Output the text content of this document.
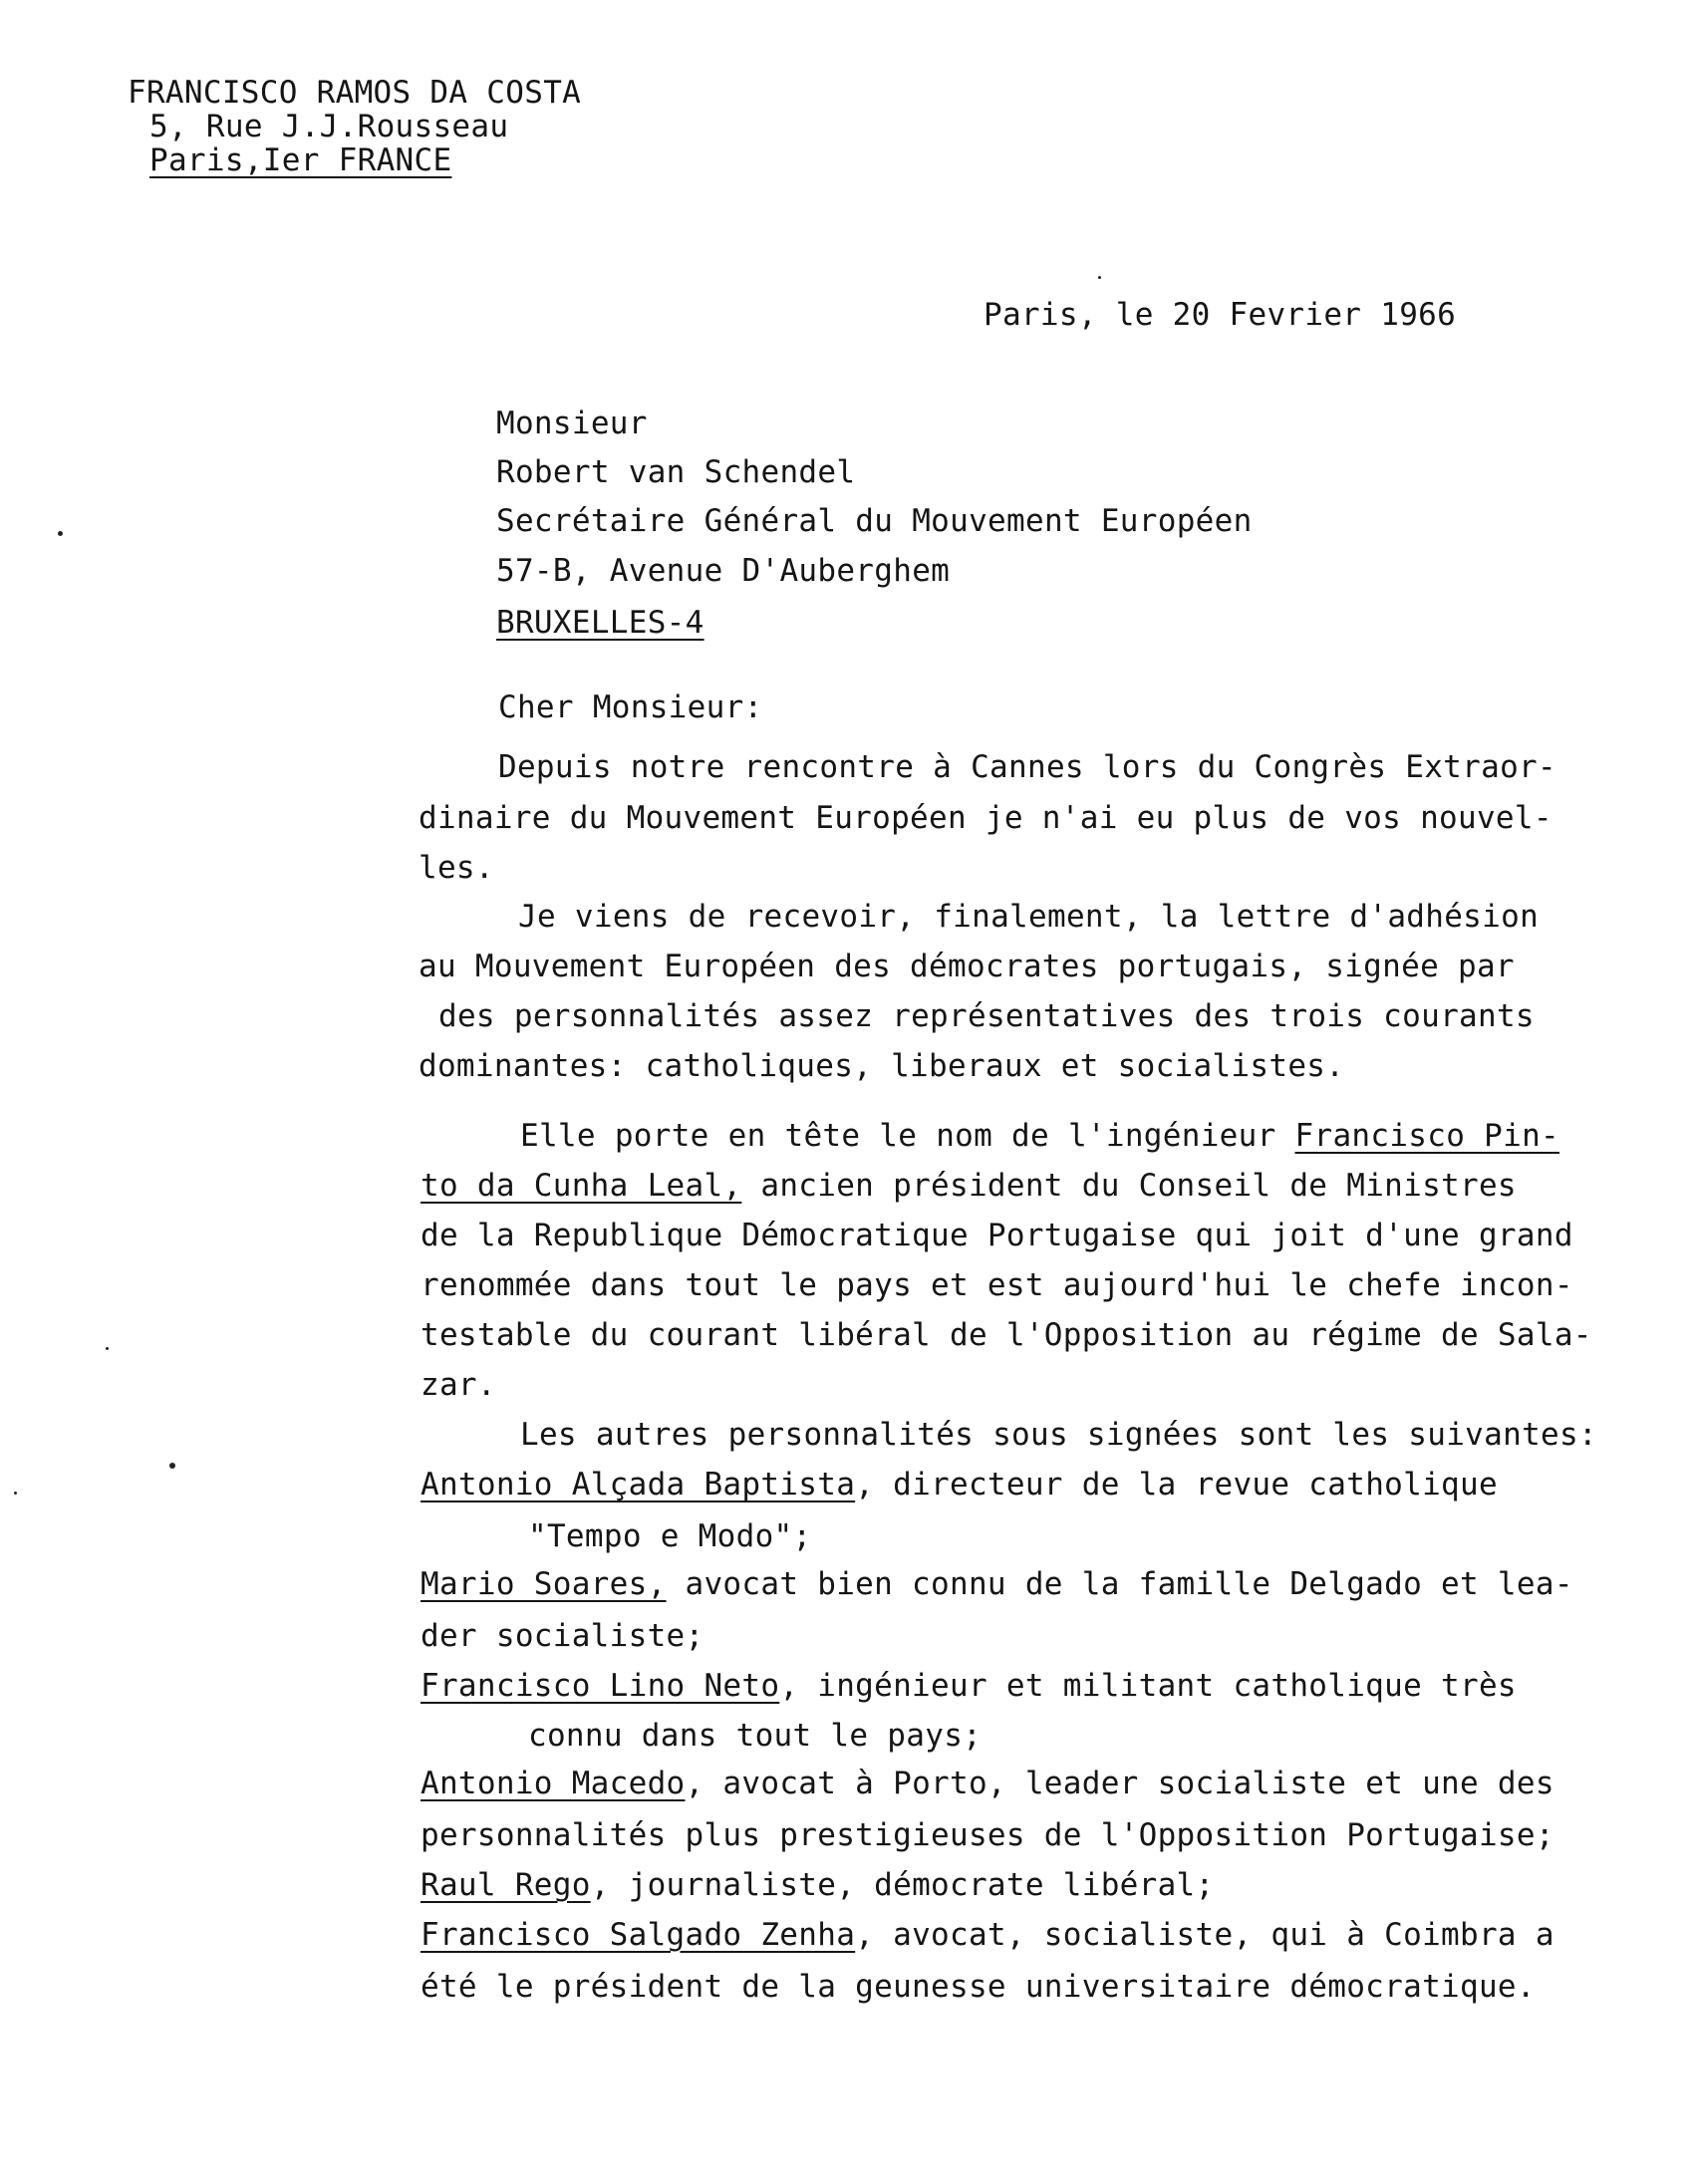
FRANCISCO RAMOS DA COSTA
5, Rue J.J.Rousseau
Paris,Ier FRANCE
Paris, le 20 Fevrier 1966
Monsieur
Robert van Schendel
Secrétaire Général du Mouvement Européen
57-B, Avenue D'Auberghem
BRUXELLES-4
Cher Monsieur:
Depuis notre rencontre à Cannes lors du Congrès Extraor-
dinaire du Mouvement Européen je n'ai eu plus de vos nouvel-
les.
Je viens de recevoir, finalement, la lettre d'adhésion
au Mouvement Européen des démocrates portugais, signée par
des personnalités assez représentatives des trois courants
dominantes: catholiques, liberaux et socialistes.
Elle porte en tête le nom de l'ingénieur Francisco Pin-
to da Cunha Leal, ancien président du Conseil de Ministres
de la Republique Démocratique Portugaise qui joit d'une grand
renommée dans tout le pays et est aujourd'hui le chefe incon-
testable du courant libéral de l'Opposition au régime de Sala-
zar.
Les autres personnalités sous signées sont les suivantes:
Antonio Alçada Baptista, directeur de la revue catholique
"Tempo e Modo";
Mario Soares, avocat bien connu de la famille Delgado et lea-
der socialiste;
Francisco Lino Neto, ingénieur et militant catholique très
connu dans tout le pays;
Antonio Macedo, avocat à Porto, leader socialiste et une des
personnalités plus prestigieuses de l'Opposition Portugaise;
Raul Rego, journaliste, démocrate libéral;
Francisco Salgado Zenha, avocat, socialiste, qui à Coimbra a
été le président de la geunesse universitaire démocratique.
